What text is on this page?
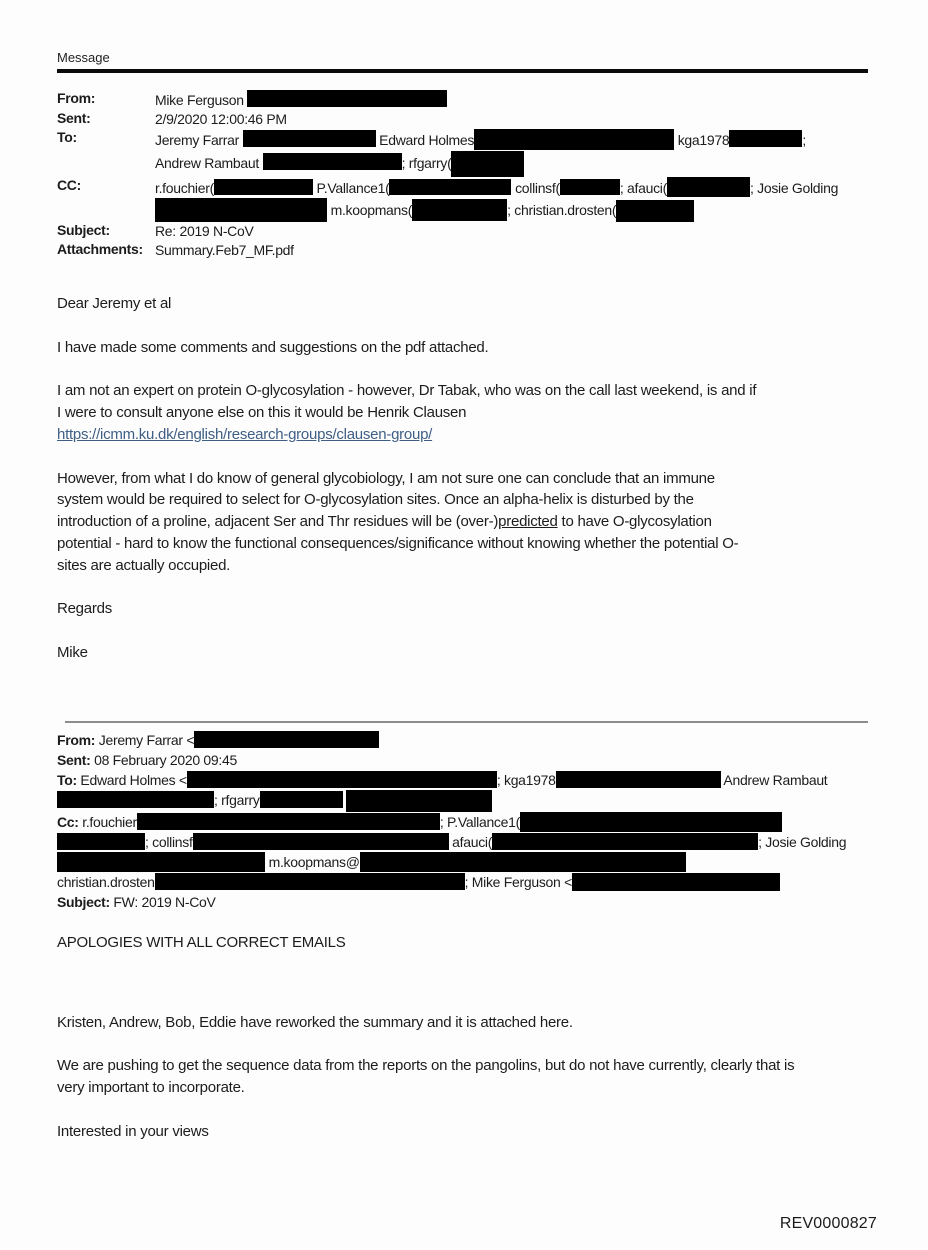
Message
From:	Mike Ferguson
Sent:	2/9/2020 12:00:46 PM
To:	Jeremy Farrar	Edward Holmes	kga1978	;
Andrew Rambaut	; rfgarry(
CC:	r.fouchier(	P.Vallance1(	collinsf(	; afauci(	; Josie Golding
m.koopmans(	; christian.drosten(
Subject:	Re: 2019 N-CoV
Attachments: Summary.Feb7_MF.pdf
Dear Jeremy et al
I have made some comments and suggestions on the pdf attached.
I am not an expert on protein O-glycosylation - however, Dr Tabak, who was on the call last weekend, is and if
I were to consult anyone else on this it would be Henrik Clausen
https://icmm.ku.dk/english/research-groups/clausen-group/
However, from what I do know of general glycobiology, I am not sure one can conclude that an immune
system would be required to select for O-glycosylation sites. Once an alpha-helix is disturbed by the
introduction of a proline, adjacent Ser and Thr residues will be (over-)predicted to have O-glycosylation
potential - hard to know the functional consequences/significance without knowing whether the potential O-
sites are actually occupied.
Regards
Mike
From: Jeremy Farrar <
Sent: 08 February 2020 09:45
To: Edward Holmes <	; kga1978	Andrew Rambaut
; rfgarry
Cc: r.fouchier	; P.Vallance1(
; collinsf	afauci(	; Josie Golding
m.koopmans@
christian.drosten	; Mike Ferguson <
Subject: FW: 2019 N-CoV
APOLOGIES WITH ALL CORRECT EMAILS
Kristen, Andrew, Bob, Eddie have reworked the summary and it is attached here.
We are pushing to get the sequence data from the reports on the pangolins, but do not have currently, clearly that is
very important to incorporate.
Interested in your views
REV0000827
